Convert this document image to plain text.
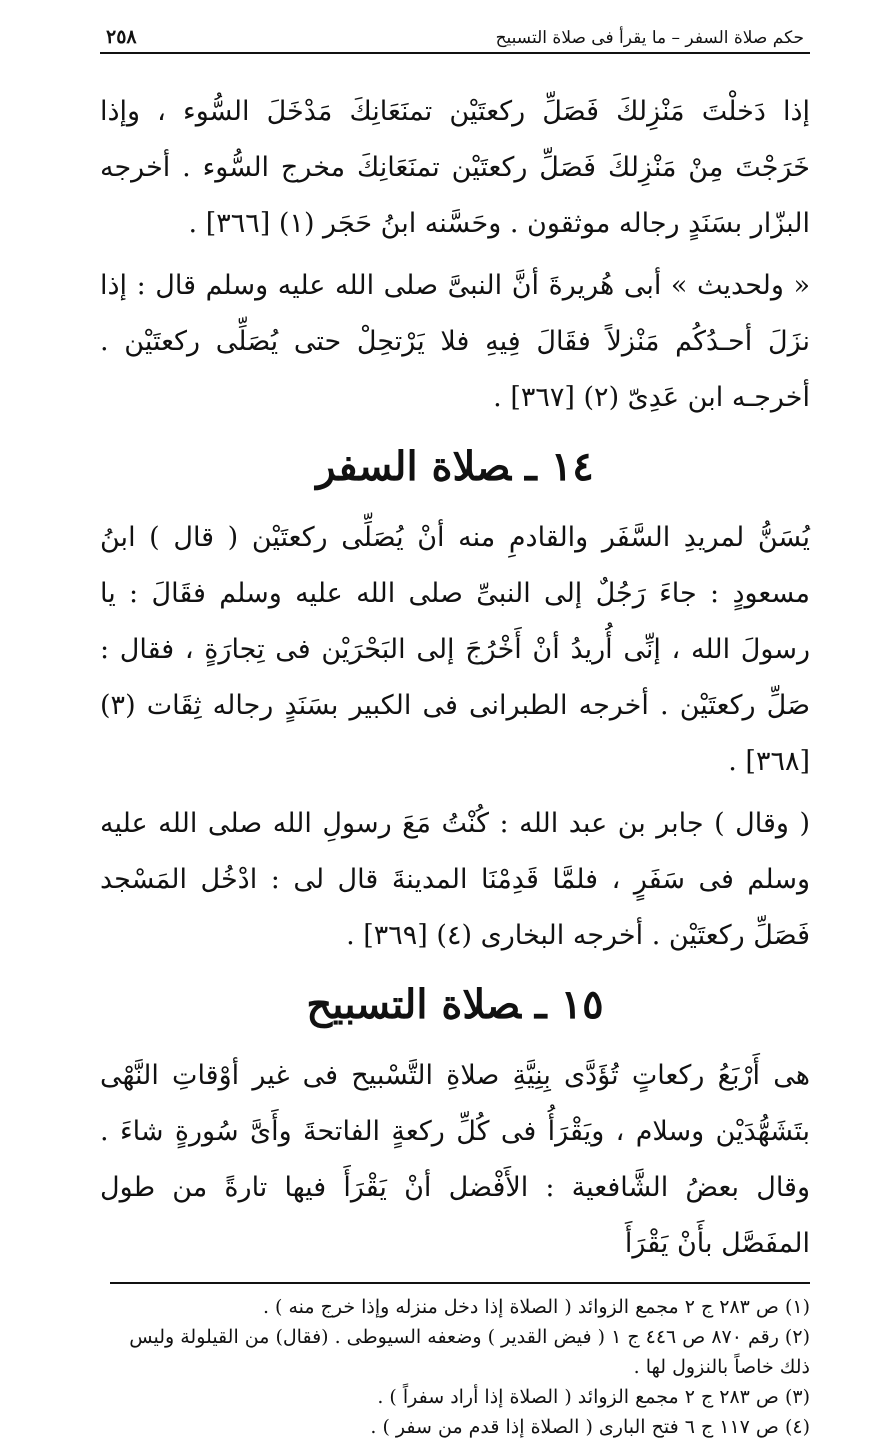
حكم صلاة السفر – ما يقرأ فى صلاة التسبيح
٢٥٨

إذا دَخلْتَ مَنْزِلكَ فَصَلِّ ركعتَيْن تمنَعَانِكَ مَدْخَلَ السُّوء ، وإذا خَرَجْتَ مِنْ مَنْزِلكَ فَصَلِّ ركعتَيْن تمنَعَانِكَ مخرج السُّوء . أخرجه البزّار بسَنَدٍ رجاله موثقون . وحَسَّنه ابنُ حَجَر (١) [٣٦٦] .

« ولحديث » أبى هُريرةَ أنَّ النبىَّ صلى الله عليه وسلم قال : إذا نزَلَ أحـدُكُم مَنْزلاً فقَالَ فِيهِ فلا يَرْتحِلْ حتى يُصَلِّى ركعتَيْن . أخرجـه ابن عَدِىّ (٢) [٣٦٧] .

١٤ـصلاة السفر

يُسَنُّ لمريدِ السَّفَر والقادمِ منه أنْ يُصَلِّى ركعتَيْن ( قال ) ابنُ مسعودٍ : جاءَ رَجُلٌ إلى النبىِّ صلى الله عليه وسلم فقَالَ : يا رسولَ الله ، إنِّى أُريدُ أنْ أَخْرُجَ إلى البَحْرَيْن فى تِجارَةٍ ، فقال : صَلِّ ركعتَيْن . أخرجه الطبرانى فى الكبير بسَنَدٍ رجاله ثِقَات (٣) [٣٦٨] .

( وقال ) جابر بن عبد الله : كُنْتُ مَعَ رسولِ الله صلى الله عليه وسلم فى سَفَرٍ ، فلمَّا قَدِمْنَا المدينةَ قال لى : ادْخُل المَسْجد فَصَلِّ ركعتَيْن . أخرجه البخارى (٤) [٣٦٩] .

١٥ـصلاة التسبيح

هى أَرْبَعُ ركعاتٍ تُؤَدَّى بِنِيَّةِ صلاةِ التَّسْبيح فى غير أوْقاتِ النَّهْى بتَشَهُّدَيْن وسلام ، ويَقْرَأُ فى كُلِّ ركعةٍ الفاتحةَ وأَىَّ سُورةٍ شاءَ . وقال بعضُ الشَّافعية : الأَفْضل أنْ يَقْرَأَ فيها تارةً من طول المفَصَّل بأَنْ يَقْرَأَ

(١) ص ٢٨٣ ج ٢ مجمع الزوائد ( الصلاة إذا دخل منزله وإذا خرج منه ) .

(٢) رقم ٨٧٠ ص ٤٤٦ ج ١ ( فيض القدير ) وضعفه السيوطى . (فقال) من القيلولة وليس ذلك خاصاً بالنزول لها .

(٣) ص ٢٨٣ ج ٢ مجمع الزوائد ( الصلاة إذا أراد سفراً ) .

(٤) ص ١١٧ ج ٦ فتح البارى ( الصلاة إذا قدم من سفر ) .
